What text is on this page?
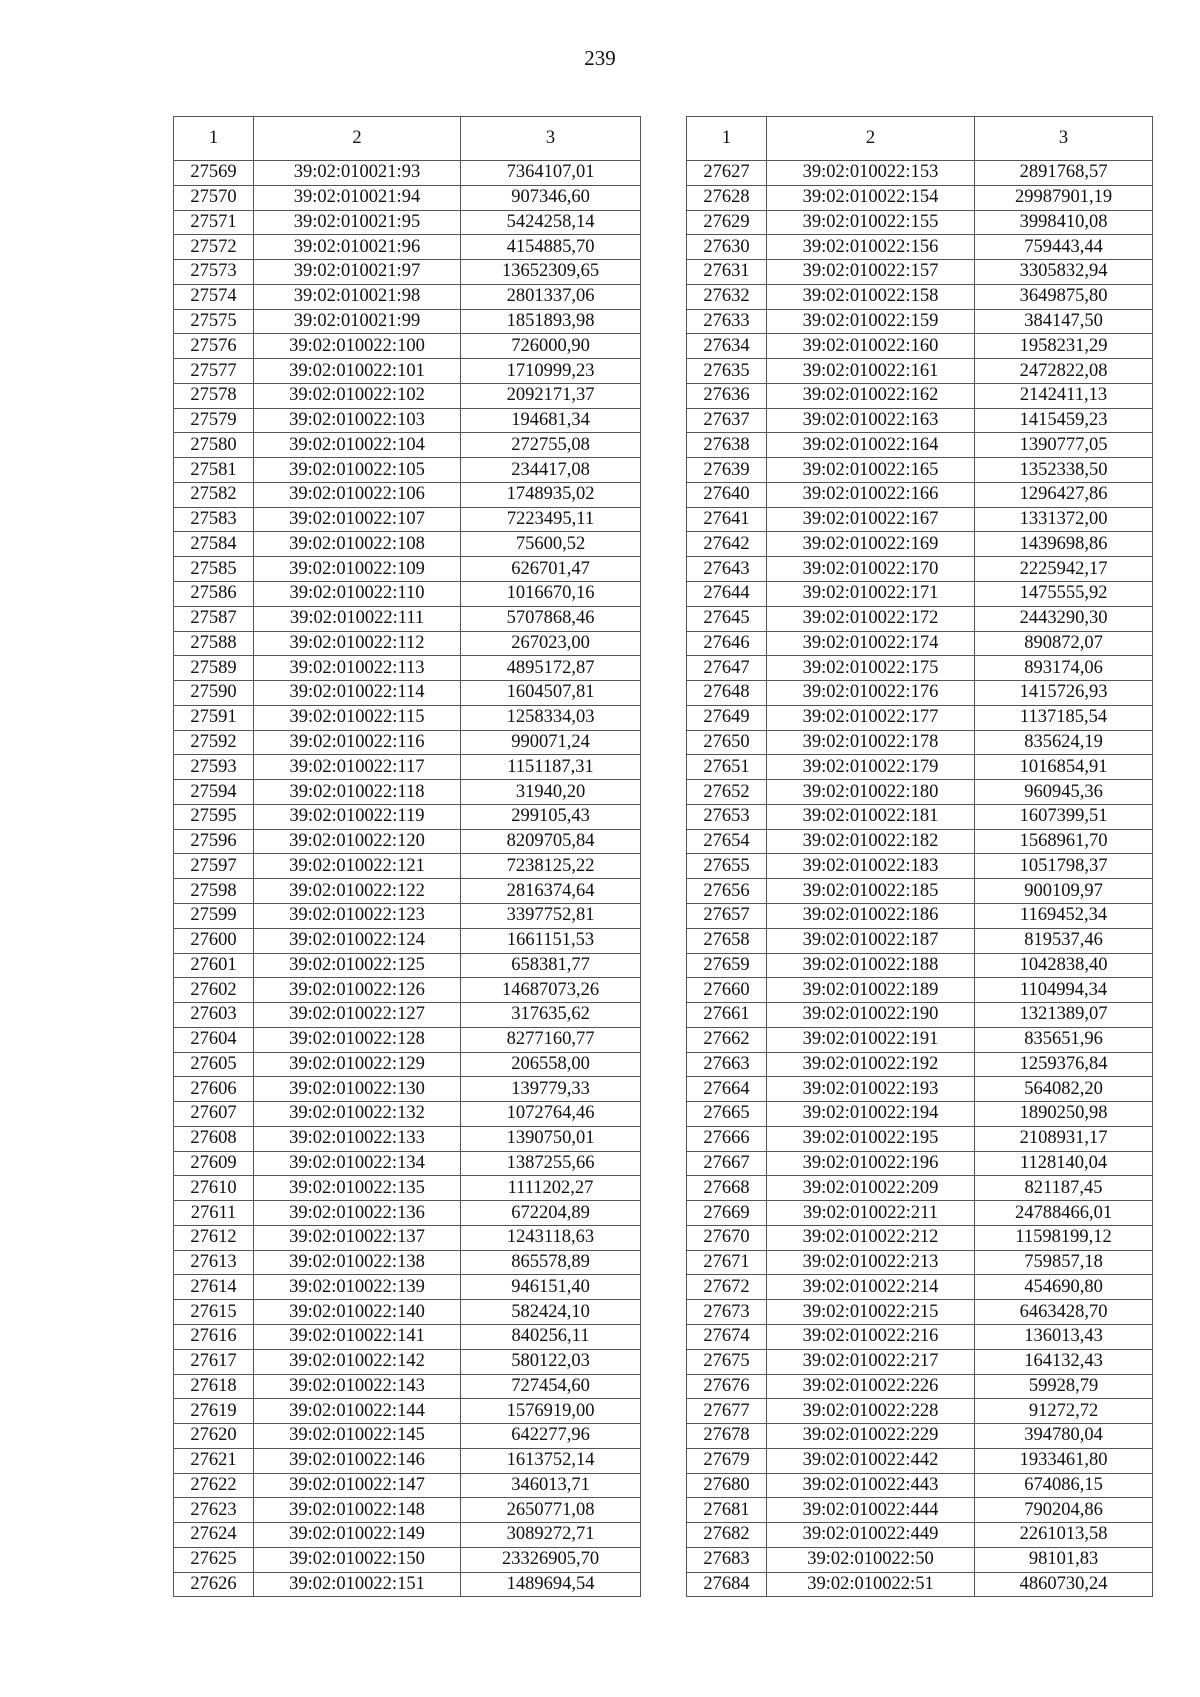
239
1	2	3
27569	39:02:010021:93	7364107,01
27570	39:02:010021:94	907346,60
27571	39:02:010021:95	5424258,14
27572	39:02:010021:96	4154885,70
27573	39:02:010021:97	13652309,65
27574	39:02:010021:98	2801337,06
27575	39:02:010021:99	1851893,98
27576	39:02:010022:100	726000,90
27577	39:02:010022:101	1710999,23
27578	39:02:010022:102	2092171,37
27579	39:02:010022:103	194681,34
27580	39:02:010022:104	272755,08
27581	39:02:010022:105	234417,08
27582	39:02:010022:106	1748935,02
27583	39:02:010022:107	7223495,11
27584	39:02:010022:108	75600,52
27585	39:02:010022:109	626701,47
27586	39:02:010022:110	1016670,16
27587	39:02:010022:111	5707868,46
27588	39:02:010022:112	267023,00
27589	39:02:010022:113	4895172,87
27590	39:02:010022:114	1604507,81
27591	39:02:010022:115	1258334,03
27592	39:02:010022:116	990071,24
27593	39:02:010022:117	1151187,31
27594	39:02:010022:118	31940,20
27595	39:02:010022:119	299105,43
27596	39:02:010022:120	8209705,84
27597	39:02:010022:121	7238125,22
27598	39:02:010022:122	2816374,64
27599	39:02:010022:123	3397752,81
27600	39:02:010022:124	1661151,53
27601	39:02:010022:125	658381,77
27602	39:02:010022:126	14687073,26
27603	39:02:010022:127	317635,62
27604	39:02:010022:128	8277160,77
27605	39:02:010022:129	206558,00
27606	39:02:010022:130	139779,33
27607	39:02:010022:132	1072764,46
27608	39:02:010022:133	1390750,01
27609	39:02:010022:134	1387255,66
27610	39:02:010022:135	1111202,27
27611	39:02:010022:136	672204,89
27612	39:02:010022:137	1243118,63
27613	39:02:010022:138	865578,89
27614	39:02:010022:139	946151,40
27615	39:02:010022:140	582424,10
27616	39:02:010022:141	840256,11
27617	39:02:010022:142	580122,03
27618	39:02:010022:143	727454,60
27619	39:02:010022:144	1576919,00
27620	39:02:010022:145	642277,96
27621	39:02:010022:146	1613752,14
27622	39:02:010022:147	346013,71
27623	39:02:010022:148	2650771,08
27624	39:02:010022:149	3089272,71
27625	39:02:010022:150	23326905,70
27626	39:02:010022:151	1489694,54
1	2	3
27627	39:02:010022:153	2891768,57
27628	39:02:010022:154	29987901,19
27629	39:02:010022:155	3998410,08
27630	39:02:010022:156	759443,44
27631	39:02:010022:157	3305832,94
27632	39:02:010022:158	3649875,80
27633	39:02:010022:159	384147,50
27634	39:02:010022:160	1958231,29
27635	39:02:010022:161	2472822,08
27636	39:02:010022:162	2142411,13
27637	39:02:010022:163	1415459,23
27638	39:02:010022:164	1390777,05
27639	39:02:010022:165	1352338,50
27640	39:02:010022:166	1296427,86
27641	39:02:010022:167	1331372,00
27642	39:02:010022:169	1439698,86
27643	39:02:010022:170	2225942,17
27644	39:02:010022:171	1475555,92
27645	39:02:010022:172	2443290,30
27646	39:02:010022:174	890872,07
27647	39:02:010022:175	893174,06
27648	39:02:010022:176	1415726,93
27649	39:02:010022:177	1137185,54
27650	39:02:010022:178	835624,19
27651	39:02:010022:179	1016854,91
27652	39:02:010022:180	960945,36
27653	39:02:010022:181	1607399,51
27654	39:02:010022:182	1568961,70
27655	39:02:010022:183	1051798,37
27656	39:02:010022:185	900109,97
27657	39:02:010022:186	1169452,34
27658	39:02:010022:187	819537,46
27659	39:02:010022:188	1042838,40
27660	39:02:010022:189	1104994,34
27661	39:02:010022:190	1321389,07
27662	39:02:010022:191	835651,96
27663	39:02:010022:192	1259376,84
27664	39:02:010022:193	564082,20
27665	39:02:010022:194	1890250,98
27666	39:02:010022:195	2108931,17
27667	39:02:010022:196	1128140,04
27668	39:02:010022:209	821187,45
27669	39:02:010022:211	24788466,01
27670	39:02:010022:212	11598199,12
27671	39:02:010022:213	759857,18
27672	39:02:010022:214	454690,80
27673	39:02:010022:215	6463428,70
27674	39:02:010022:216	136013,43
27675	39:02:010022:217	164132,43
27676	39:02:010022:226	59928,79
27677	39:02:010022:228	91272,72
27678	39:02:010022:229	394780,04
27679	39:02:010022:442	1933461,80
27680	39:02:010022:443	674086,15
27681	39:02:010022:444	790204,86
27682	39:02:010022:449	2261013,58
27683	39:02:010022:50	98101,83
27684	39:02:010022:51	4860730,24
